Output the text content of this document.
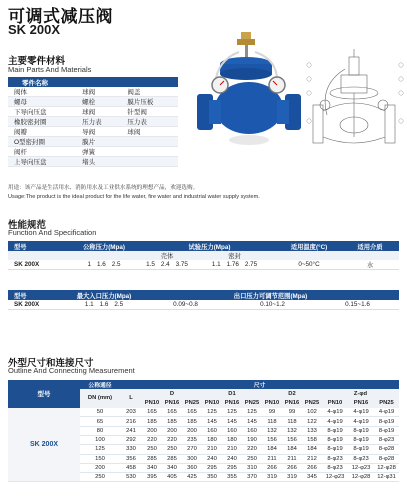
可调式减压阀
SK 200X
主要零件材料
Main Parts And Materials
零件名称		
阀体	球阀	阀盖
螺母	螺栓	膜片压板
下导向压盘	球阀	针型阀
橡胶密封圈	压力表	压力表
阀瓣	导阀	球阀
O型密封圈	膜片	
阀杆	弹簧	
上导向压盘	堵头	
用途：该产品是生活用水、消防用水及工业供水系统的理想产品，欢迎选购。
Usage:The product is the ideal product for the life water, fire water and industrial water supply system.
性能规范
Function And Specification
型号	公称压力(Mpa)	试验压力(Mpa)		适用温度(°C)	适用介质
		壳体	密封		
SK 200X	1 1.6 2.5	1.5 2.4 3.75	1.1 1.76 2.75	0~50°C	水
型号	最大入口压力(Mpa)	出口压力可调节范围(Mpa)		
SK 200X	1.1 1.6 2.5	0.09~0.8	0.10~1.2	0.15~1.6
外型尺寸和连接尺寸
Outline And Connecting Measurement
型号	公称通径	尺寸												
	DN (mm)	L	D			D1			D2			Z-φd		
			PN10	PN16	PN25	PN10	PN16	PN25	PN10	PN16	PN25	PN10	PN16	PN25
SK 200X	50	203	165	165	165	125	125	125	99	99	102	4-φ19	4-φ19	4-φ19
	65	216	185	185	185	145	145	145	118	118	122	4-φ19	4-φ19	8-φ19
	80	241	200	200	200	160	160	160	132	132	133	8-φ19	8-φ19	8-φ19
	100	292	220	220	235	180	180	190	156	156	158	8-φ19	8-φ19	8-φ23
	125	330	250	250	270	210	210	220	184	184	184	8-φ19	8-φ19	8-φ28
	150	356	285	285	300	240	240	250	211	211	212	8-φ23	8-φ23	8-φ28
	200	458	340	340	360	295	295	310	266	266	266	8-φ23	12-φ23	12-φ28
	250	530	395	405	425	350	355	370	319	319	345	12-φ23	12-φ28	12-φ31
